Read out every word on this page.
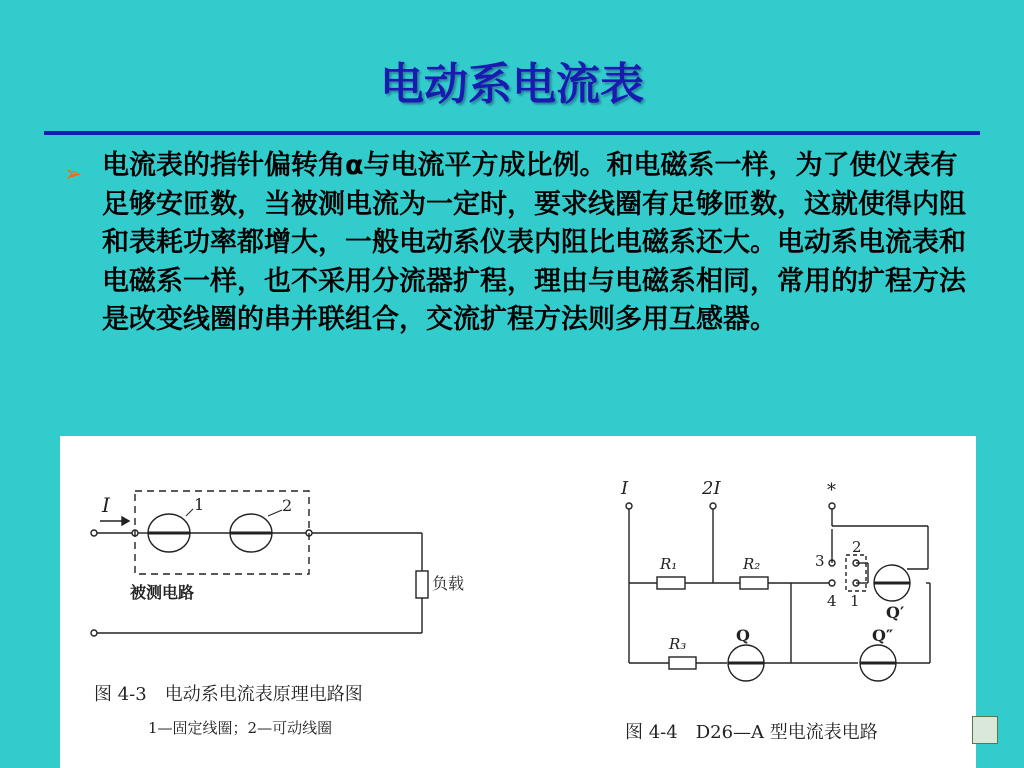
电动系电流表
➢ 电流表的指针偏转角α与电流平方成比例。和电磁系一样，为了使仪表有足够安匝数，当被测电流为一定时，要求线圈有足够匝数，这就使得内阻和表耗功率都增大，一般电动系仪表内阻比电磁系还大。电动系电流表和电磁系一样，也不采用分流器扩程，理由与电磁系相同，常用的扩程方法是改变线圈的串并联组合，交流扩程方法则多用互感器。

I	1	2
被测电路	负载
图 4-3　电动系电流表原理电路图
1—固定线圈；2—可动线圈
I	2I	*
R₁	R₂
R₃	Q	Q″
Q′
3
2
4 1
图 4-4　D26—A 型电流表电路
